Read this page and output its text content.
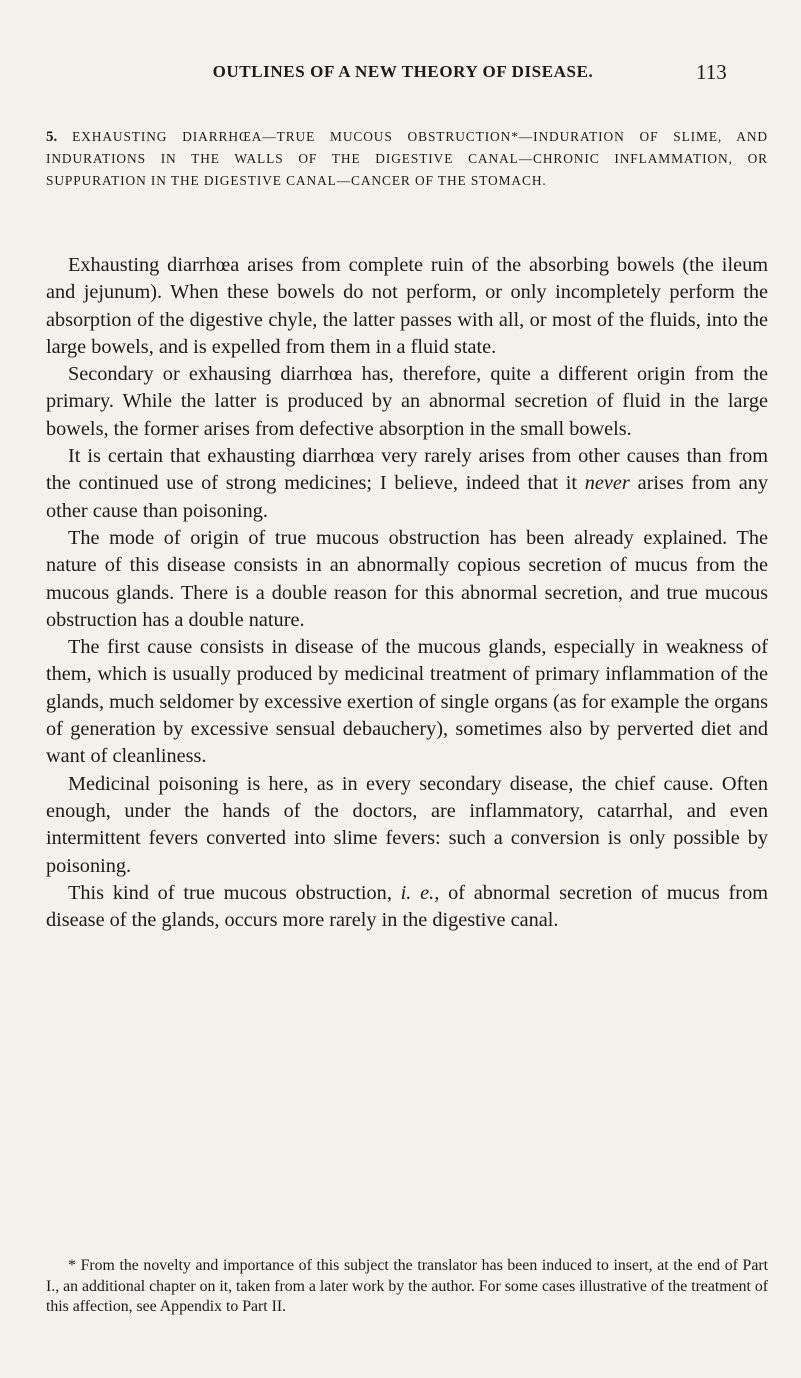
OUTLINES OF A NEW THEORY OF DISEASE.	113
5. EXHAUSTING DIARRHŒA—TRUE MUCOUS OBSTRUCTION*—INDURATION OF SLIME, AND INDURATIONS IN THE WALLS OF THE DIGESTIVE CANAL—CHRONIC INFLAMMATION, OR SUPPURATION IN THE DIGESTIVE CANAL—CANCER OF THE STOMACH.

Exhausting diarrhœa arises from complete ruin of the absorbing bowels (the ileum and jejunum). When these bowels do not perform, or only incompletely perform the absorption of the digestive chyle, the latter passes with all, or most of the fluids, into the large bowels, and is expelled from them in a fluid state.

Secondary or exhausing diarrhœa has, therefore, quite a different origin from the primary. While the latter is produced by an abnormal secretion of fluid in the large bowels, the former arises from defective absorption in the small bowels.

It is certain that exhausting diarrhœa very rarely arises from other causes than from the continued use of strong medicines; I believe, indeed that it never arises from any other cause than poisoning.

The mode of origin of true mucous obstruction has been already explained. The nature of this disease consists in an abnormally copious secretion of mucus from the mucous glands. There is a double reason for this abnormal secretion, and true mucous obstruction has a double nature.

The first cause consists in disease of the mucous glands, especially in weakness of them, which is usually produced by medicinal treatment of primary inflammation of the glands, much seldomer by excessive exertion of single organs (as for example the organs of generation by excessive sensual debauchery), sometimes also by perverted diet and want of cleanliness.

Medicinal poisoning is here, as in every secondary disease, the chief cause. Often enough, under the hands of the doctors, are inflammatory, catarrhal, and even intermittent fevers converted into slime fevers: such a conversion is only possible by poisoning.

This kind of true mucous obstruction, i. e., of abnormal secretion of mucus from disease of the glands, occurs more rarely in the digestive canal.

* From the novelty and importance of this subject the translator has been induced to insert, at the end of Part I., an additional chapter on it, taken from a later work by the author. For some cases illustrative of the treatment of this affection, see Appendix to Part II.
